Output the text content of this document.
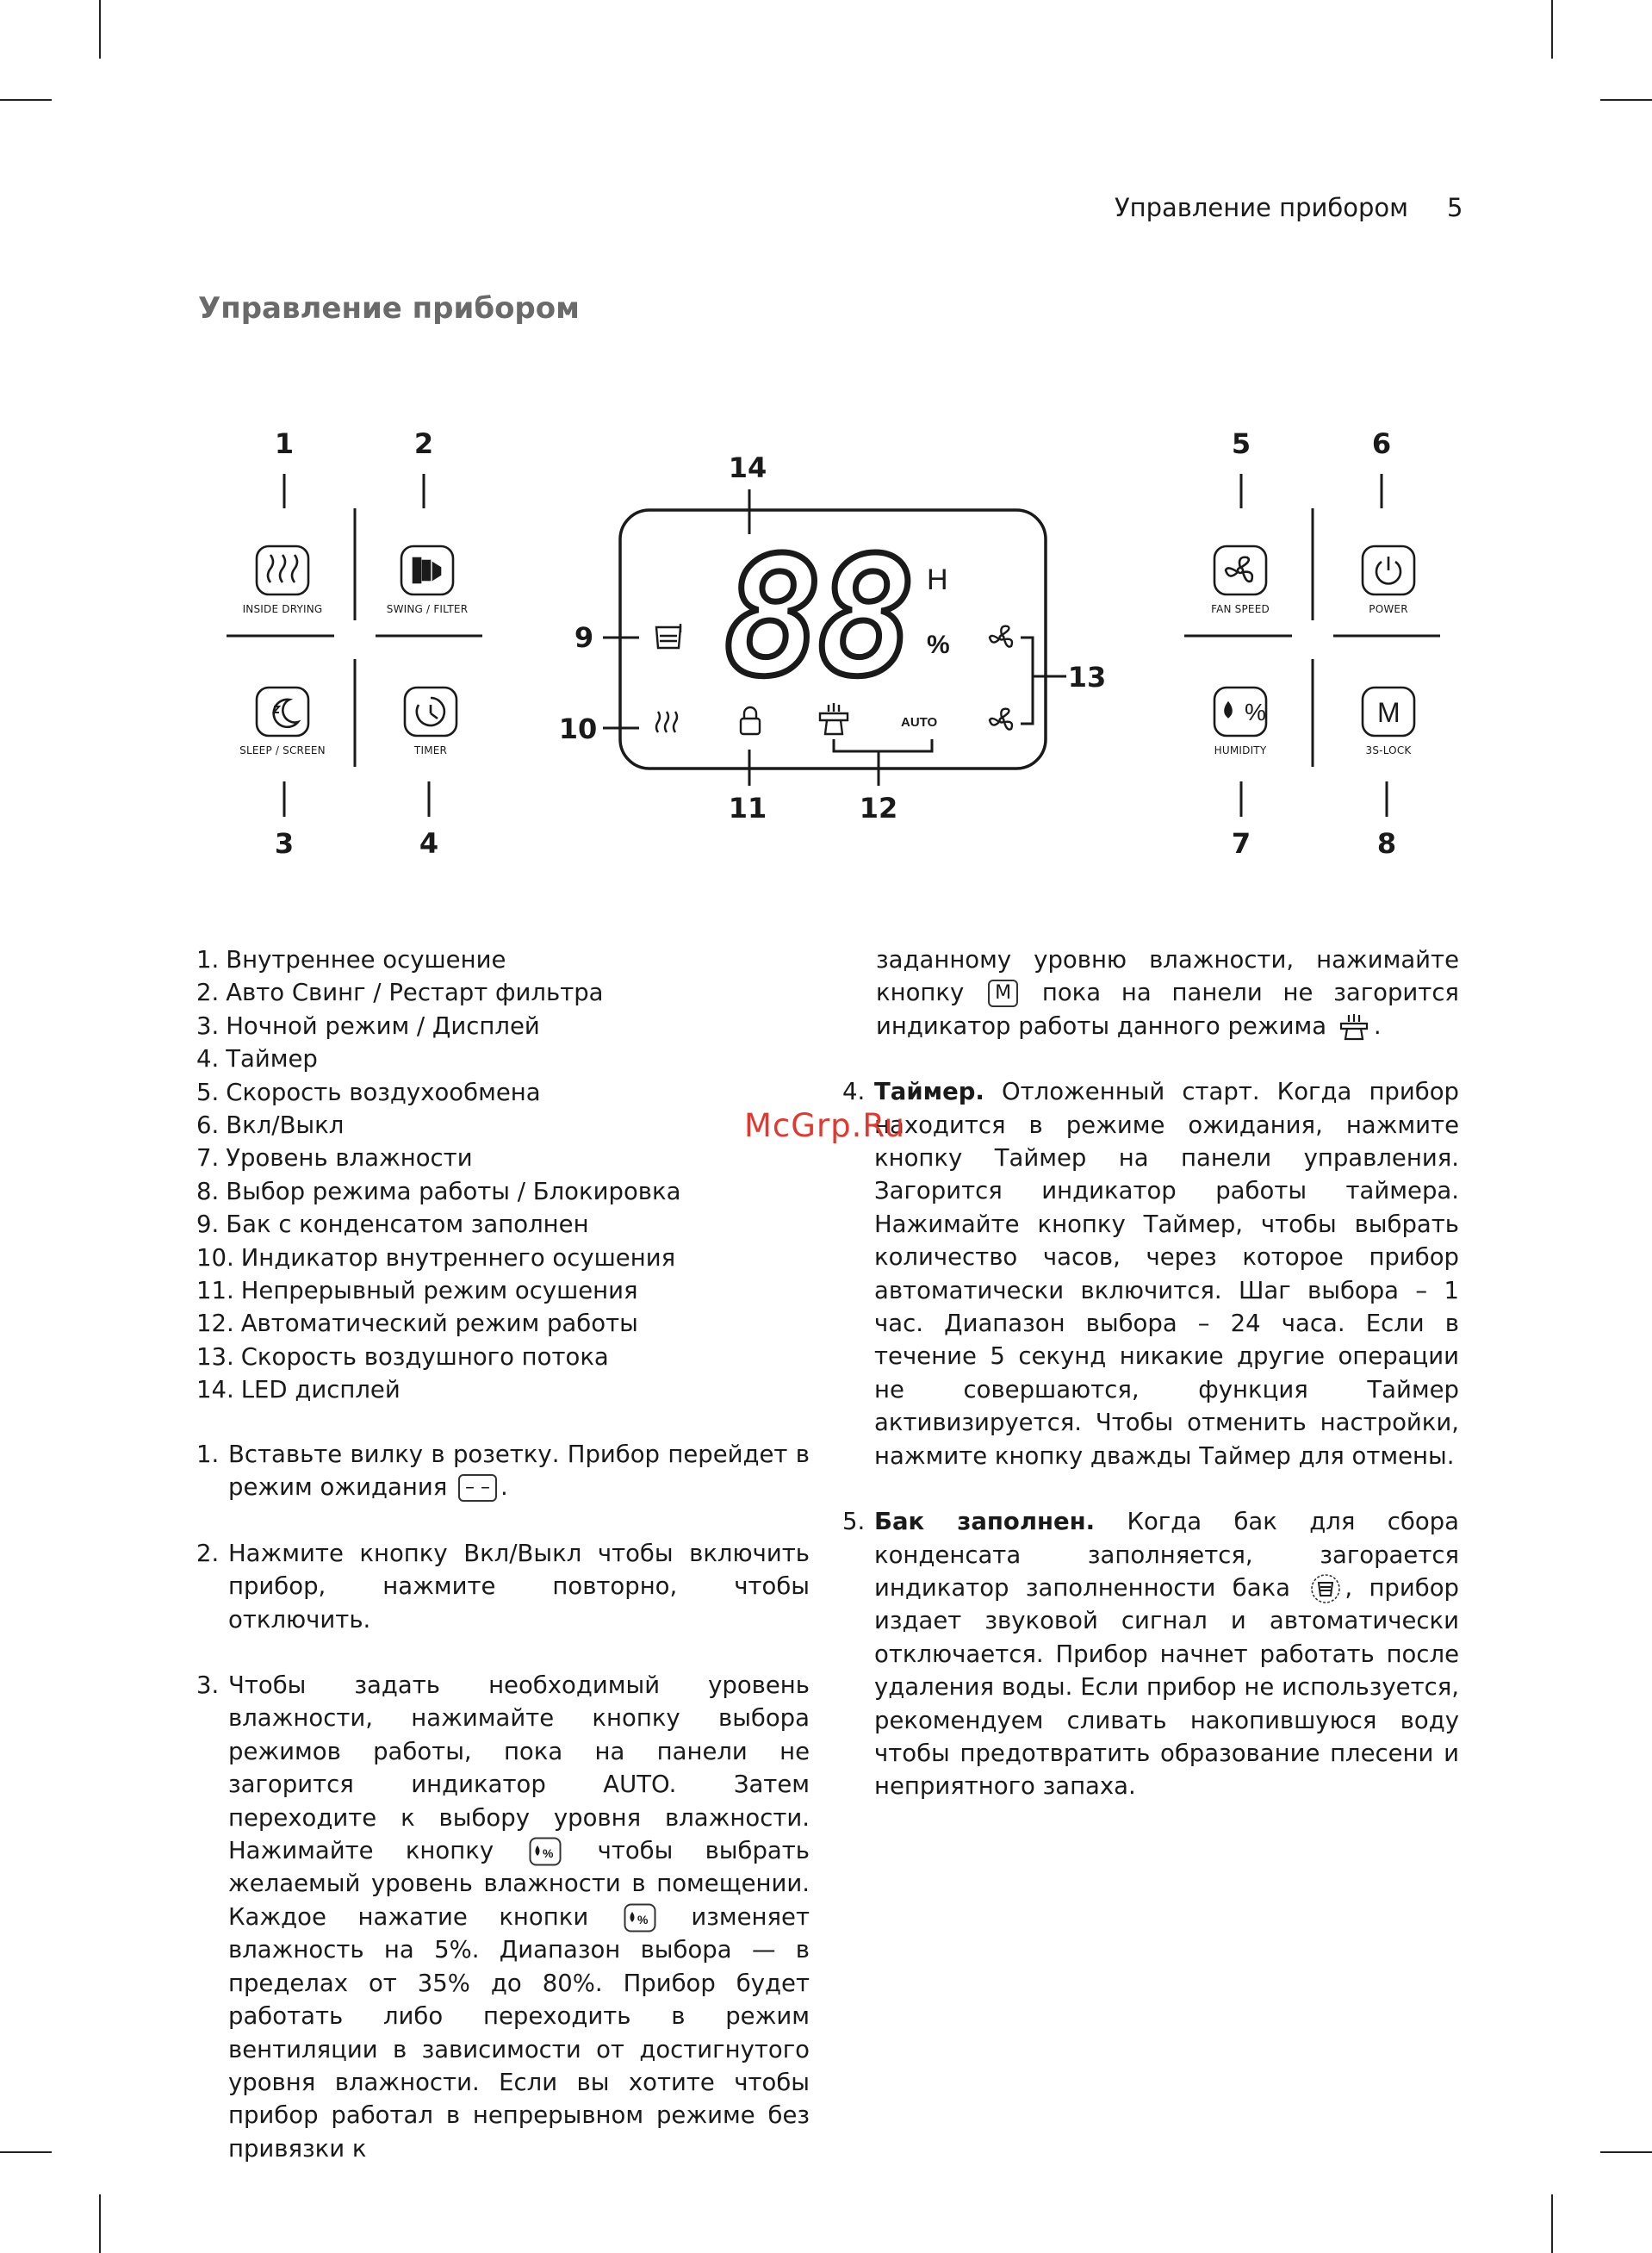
Управление прибором 5
Управление прибором
%	M
88 H
%
AUTO
1	2
3	4
5	6
7	8
9
10
11	12
13
14
INSIDE DRYING	SWING / FILTER
SLEEP / SCREEN	TIMER
FAN SPEED	POWER
HUMIDITY	3S-LOCK
1. Внутреннее осушение
2. Авто Свинг / Рестарт фильтра
3. Ночной режим / Дисплей
4. Таймер
5. Скорость воздухообмена
6. Вкл/Выкл
7. Уровень влажности
8. Выбор режима работы / Блокировка
9. Бак с конденсатом заполнен
10. Индикатор внутреннего осушения
11. Непрерывный режим осушения
12. Автоматический режим работы
13. Скорость воздушного потока
14. LED дисплей
1. Вставьте вилку в розетку. Прибор перейдет в режим ожидания – – .
2. Нажмите кнопку Вкл/Выкл чтобы включить прибор, нажмите повторно, чтобы отключить.
3. Чтобы задать необходимый уровень влажности, нажимайте кнопку выбора режимов работы, пока на панели не загорится индикатор AUTO. Затем переходите к выбору уровня влажности. Нажимайте кнопку	% чтобы выбрать желаемый уровень влажности в помещении. Каждое нажатие кнопки	% изменяет влажность на 5%. Диапазон выбора — в пределах от 35% до 80%. Прибор будет работать либо переходить в режим вентиляции в зависимости от достигнутого уровня влажности. Если вы хотите чтобы прибор работал в непрерывном режиме без привязки к
заданному уровню влажности, нажимайте кнопку M пока на панели не загорится индикатор работы данного режима .
4. Таймер. Отложенный старт. Когда прибор находится в режиме ожидания, нажмите кнопку Таймер на панели управления. Загорится индикатор работы таймера. Нажимайте кнопку Таймер, чтобы выбрать количество часов, через которое прибор автоматически включится. Шаг выбора – 1 час. Диапазон выбора – 24 часа. Если в течение 5 секунд никакие другие операции не совершаются, функция Таймер активизируется. Чтобы отменить настройки, нажмите кнопку дважды Таймер для отмены.
5. Бак заполнен. Когда бак для сбора конденсата заполняется, загорается индикатор заполненности бака , прибор издает звуковой сигнал и автоматически отключается. Прибор начнет работать после удаления воды. Если прибор не используется, рекомендуем сливать накопившуюся воду чтобы предотвратить образование плесени и неприятного запаха.
McGrp.Ru
